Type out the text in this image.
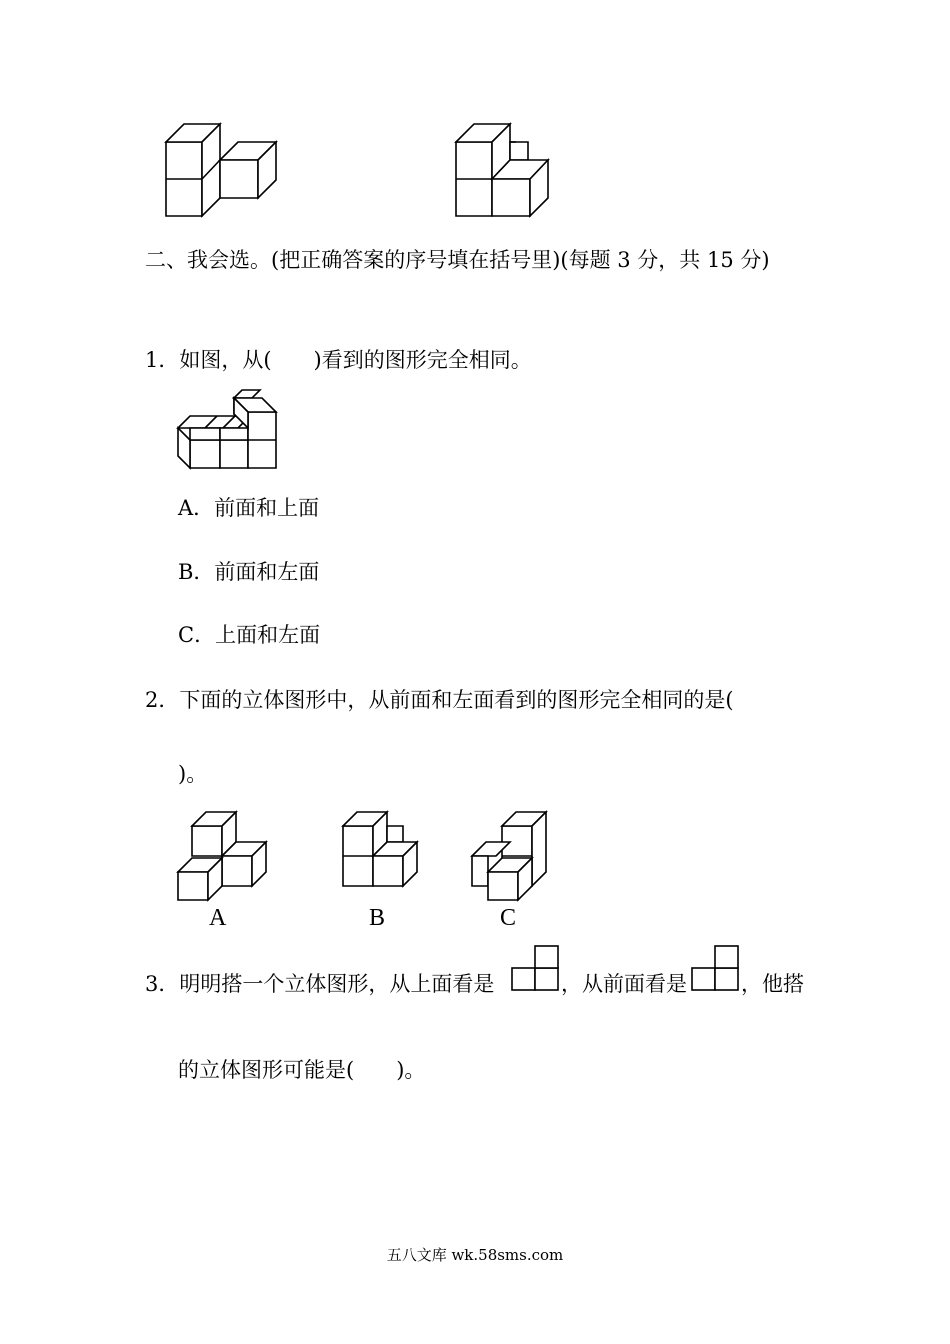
二、我会选。(把正确答案的序号填在括号里)(每题 3 分，共 15 分)
1．如图，从(　　)看到的图形完全相同。
A．前面和上面
B．前面和左面
C．上面和左面
2．下面的立体图形中，从前面和左面看到的图形完全相同的是(
)。
A	B	C
3．明明搭一个立体图形，从上面看是	，从前面看是	，他搭
的立体图形可能是(　　)。
五八文库 wk.58sms.com
